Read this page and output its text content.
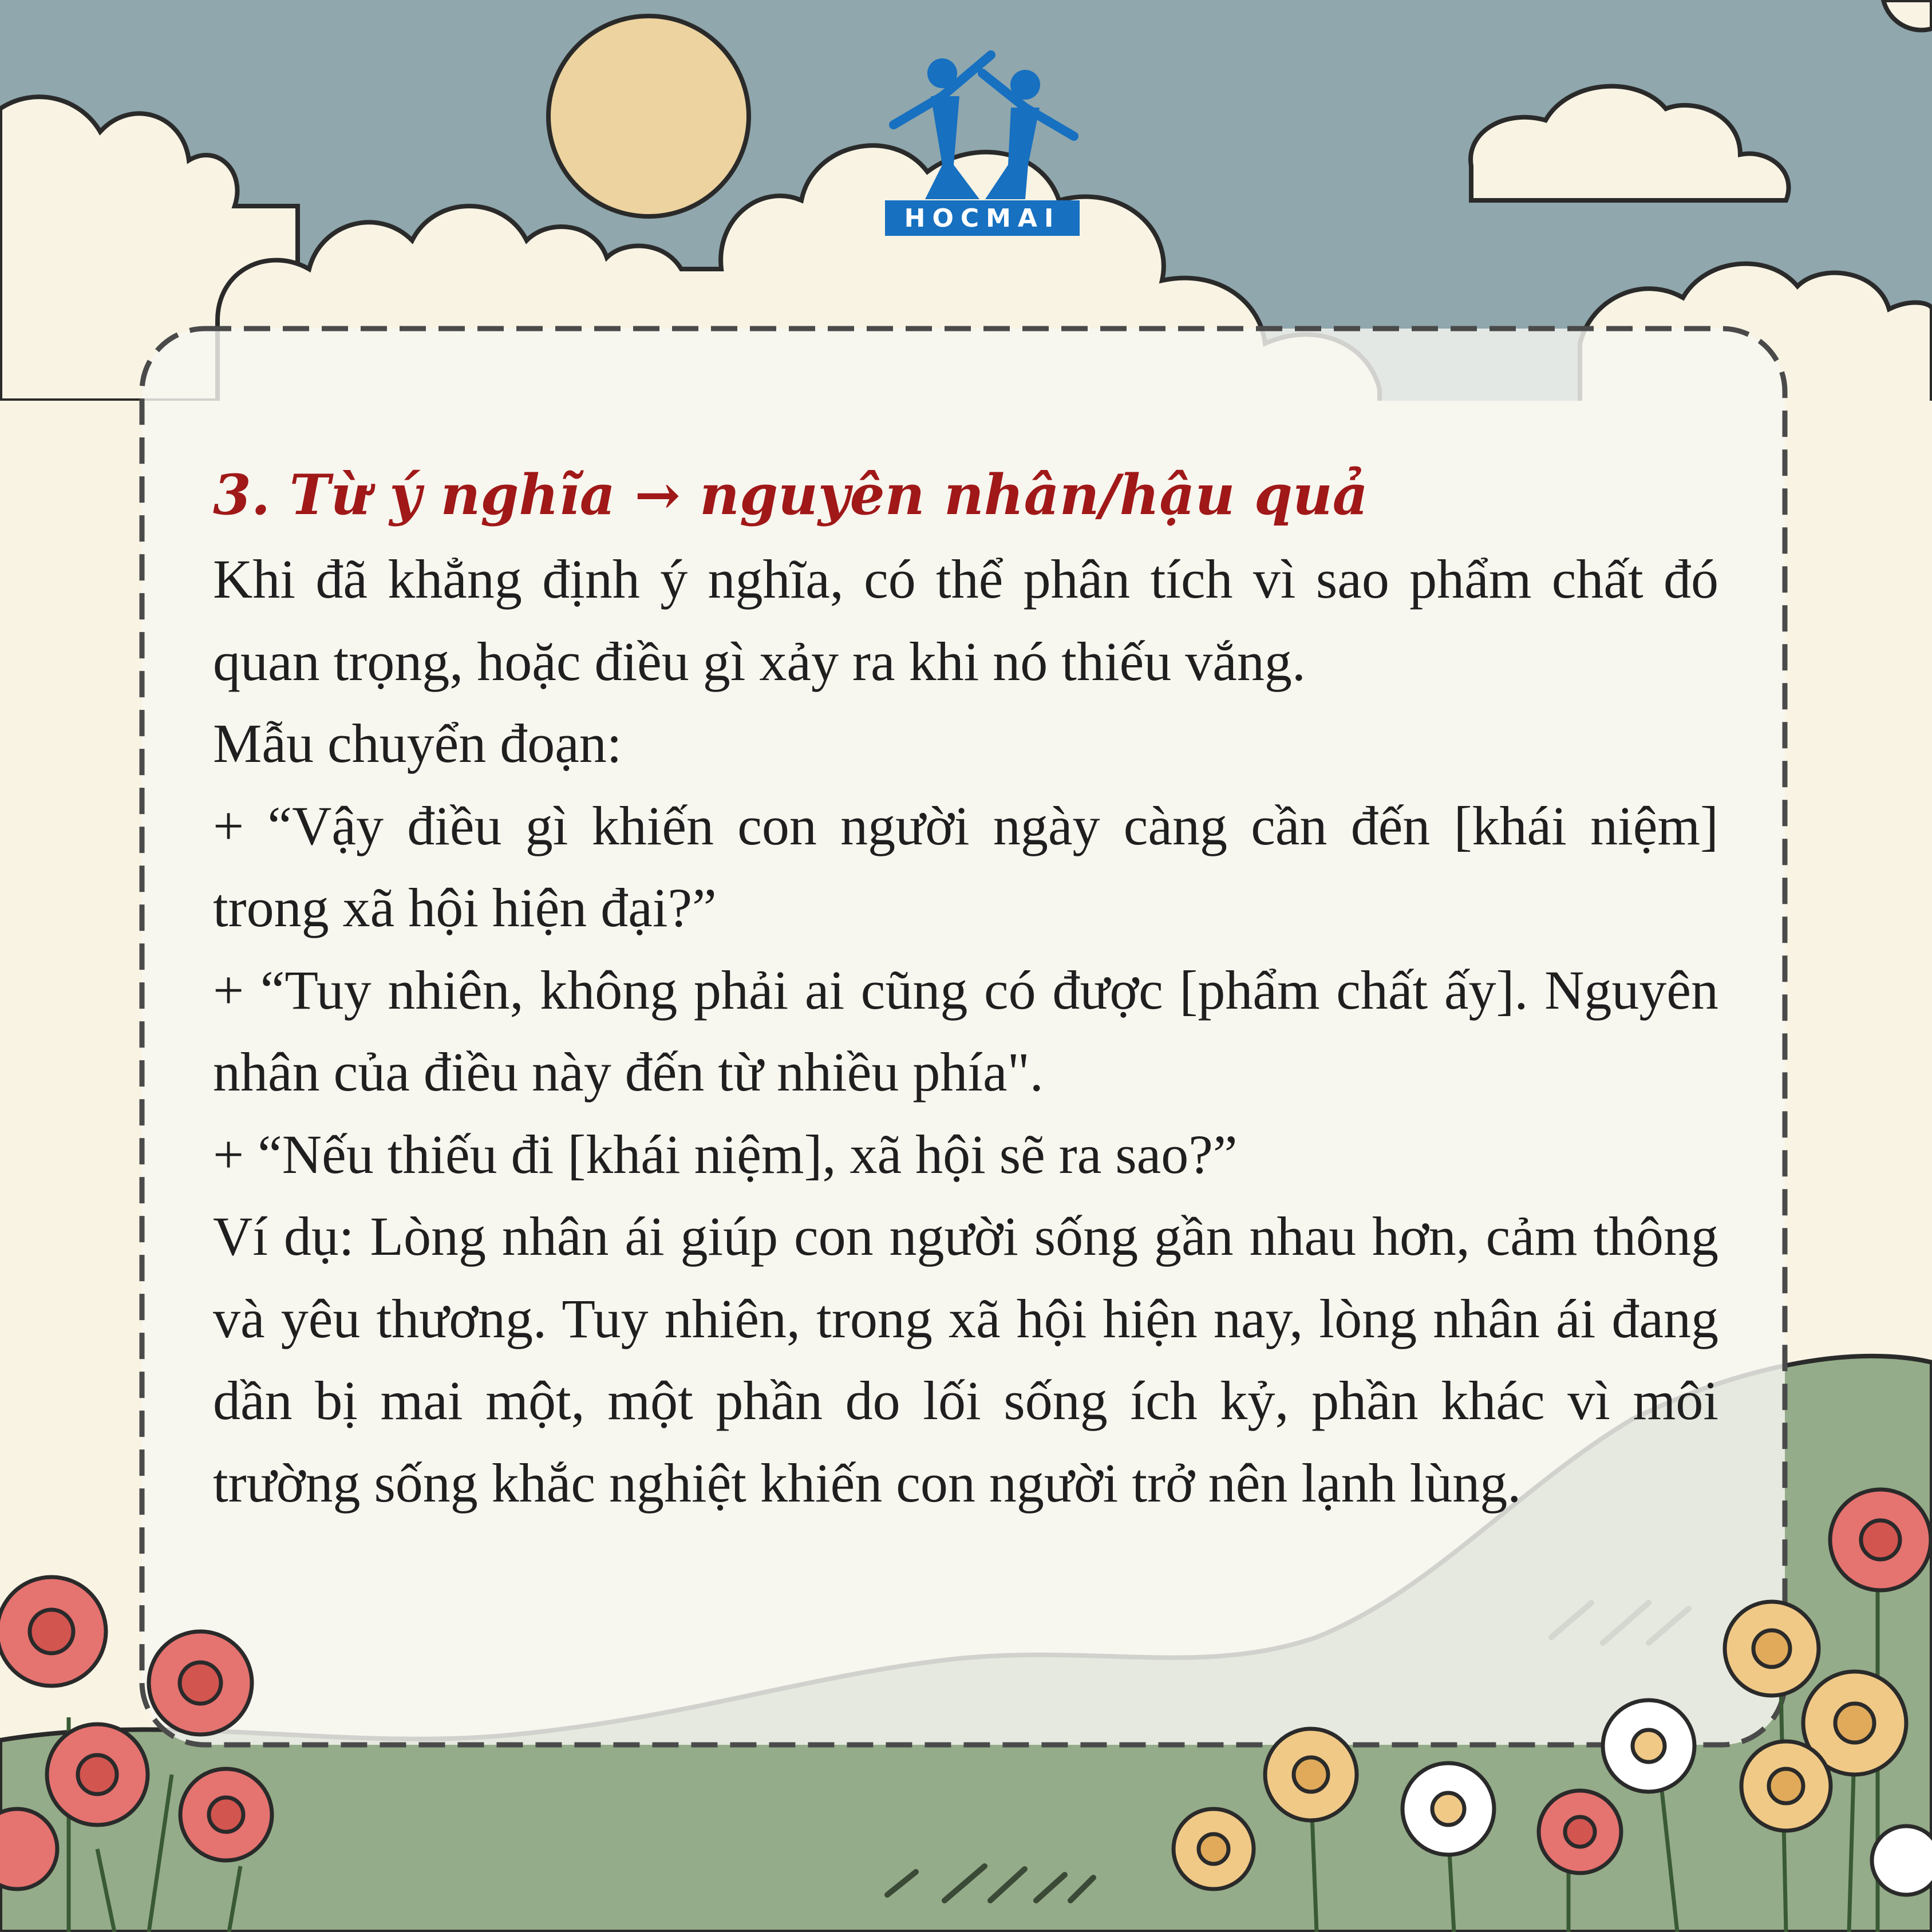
HOCMAI
3. Từ ý nghĩa → nguyên nhân/hậu quả

Khi đã khẳng định ý nghĩa, có thể phân tích vì sao phẩm chất đó quan trọng, hoặc điều gì xảy ra khi nó thiếu vắng.

Mẫu chuyển đoạn:

+ “Vậy điều gì khiến con người ngày càng cần đến [khái niệm] trong xã hội hiện đại?”

+ “Tuy nhiên, không phải ai cũng có được [phẩm chất ấy]. Nguyên nhân của điều này đến từ nhiều phía".

+ “Nếu thiếu đi [khái niệm], xã hội sẽ ra sao?”

Ví dụ: Lòng nhân ái giúp con người sống gần nhau hơn, cảm thông và yêu thương. Tuy nhiên, trong xã hội hiện nay, lòng nhân ái đang dần bị mai một, một phần do lối sống ích kỷ, phần khác vì môi trường sống khắc nghiệt khiến con người trở nên lạnh lùng.
